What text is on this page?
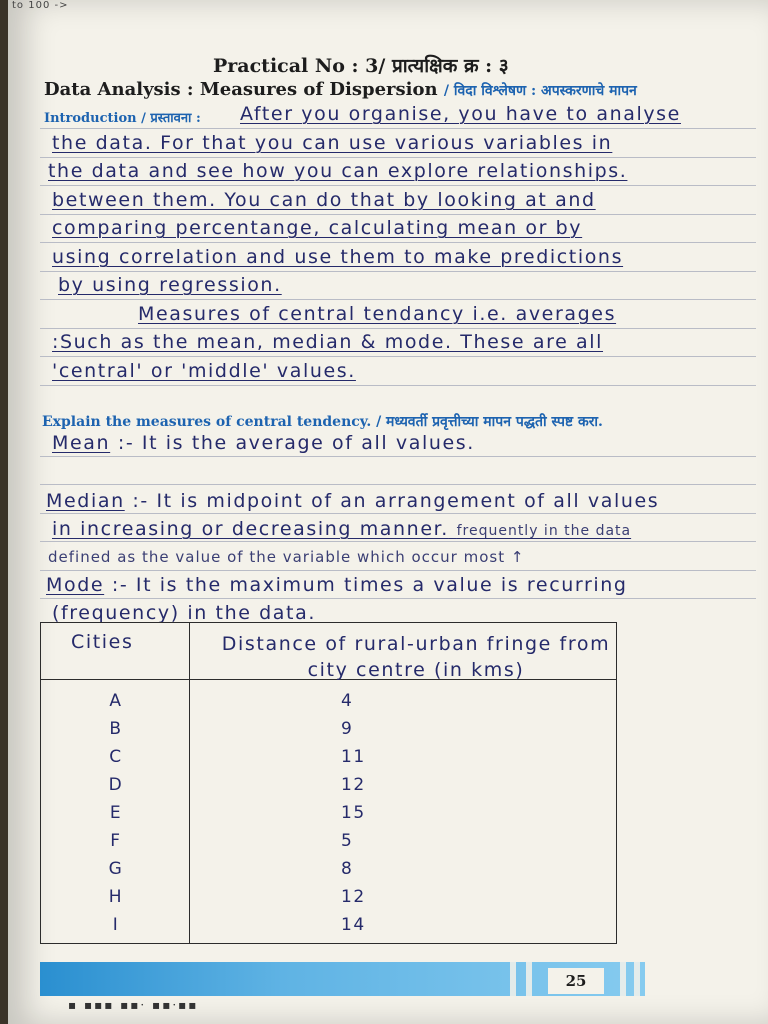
to 100 ->
Practical No : 3/ प्रात्यक्षिक क्र : ३
Data Analysis : Measures of Dispersion / विदा विश्लेषण : अपस्करणाचे मापन
Introduction / प्रस्तावना : After you organise, you have to analyse
the data. For that you can use various variables in
the data and see how you can explore relationships.
between them. You can do that by looking at and
comparing percentange, calculating mean or by
using correlation and use them to make predictions
by using regression.
Measures of central tendancy i.e. averages
:Such as the mean, median & mode. These are all
'central' or 'middle' values.
Explain the measures of central tendency. / मध्यवर्ती प्रवृत्तीच्या मापन पद्धती स्पष्ट करा.
Mean :- It is the average of all values.
Median :- It is midpoint of an arrangement of all values
in increasing or decreasing manner. frequently in the data
defined as the value of the variable which occur most ↑
Mode :- It is the maximum times a value is recurring
(frequency) in the data.
Cities	Distance of rural-urban fringe from city centre (in kms)
A	4
B	9
C	11
D	12
E	15
F	5
G	8
H	12
I	14
25
▪ ▪▪▪ ▪▪· ▪▪·▪▪
